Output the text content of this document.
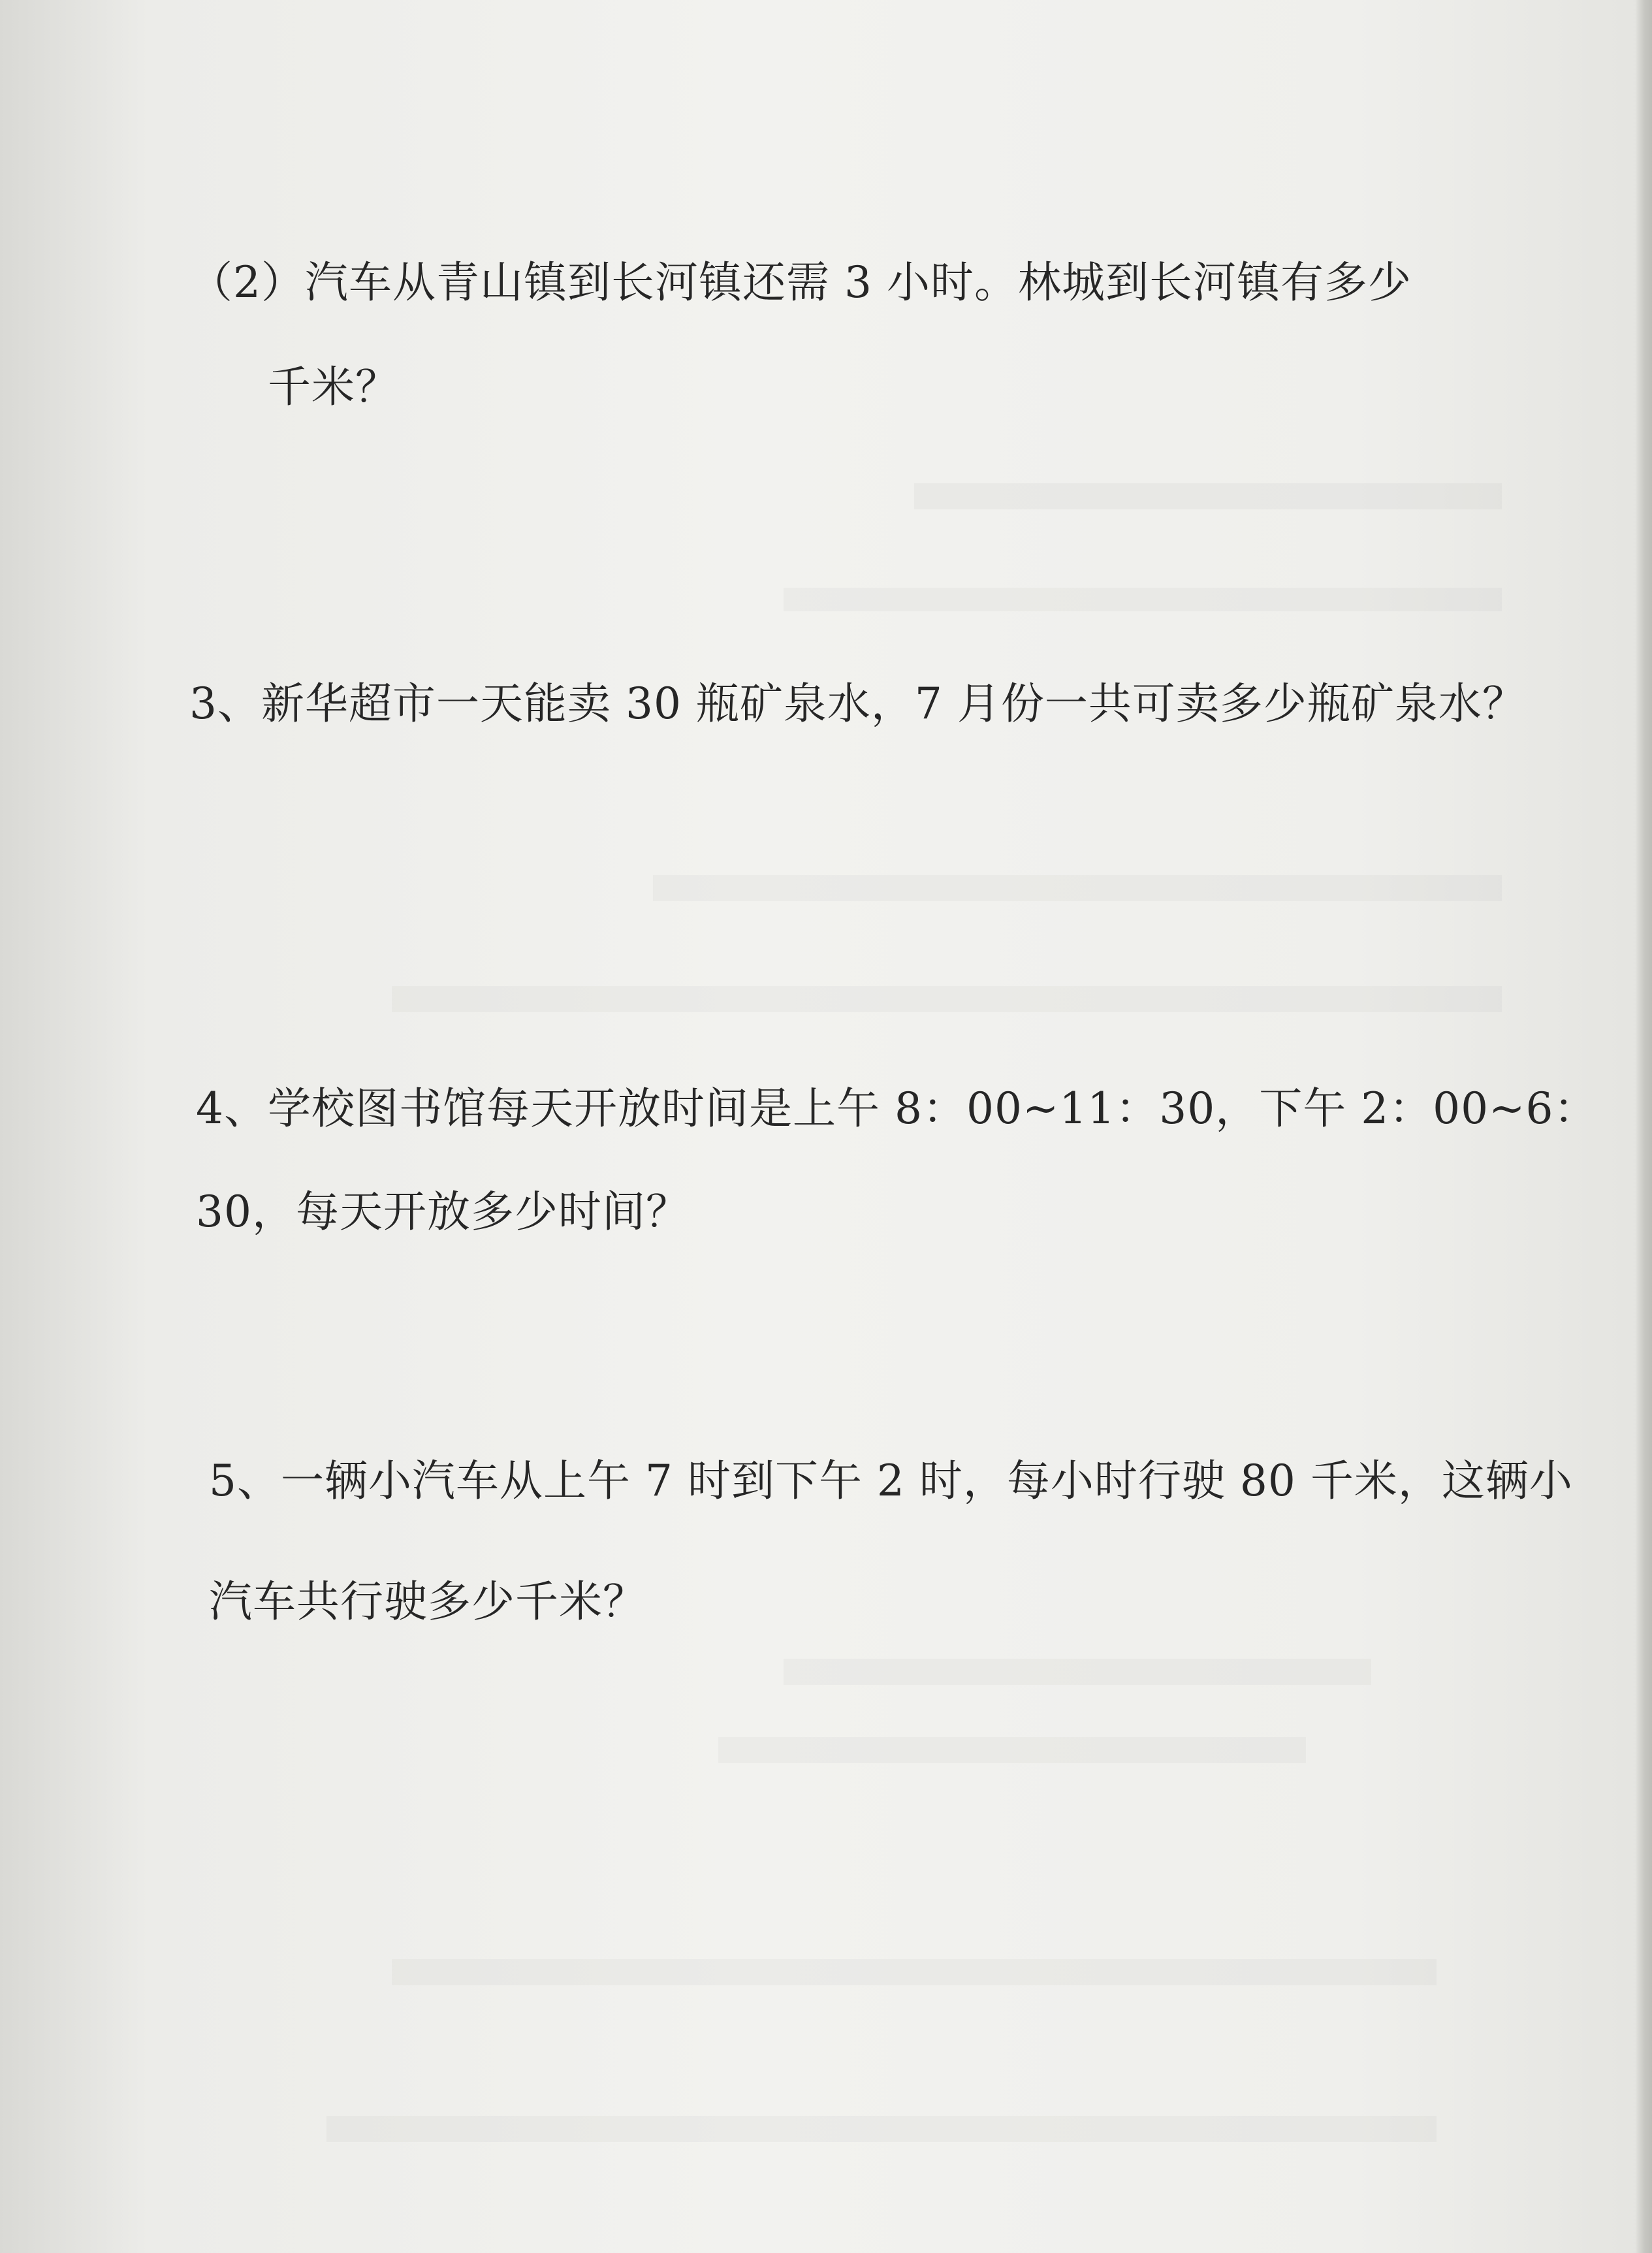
（2）汽车从青山镇到长河镇还需 3 小时。林城到长河镇有多少
千米？
3、新华超市一天能卖 30 瓶矿泉水，7 月份一共可卖多少瓶矿泉水？
4、学校图书馆每天开放时间是上午 8：00~11：30，下午 2：00~6：
30，每天开放多少时间？
5、一辆小汽车从上午 7 时到下午 2 时，每小时行驶 80 千米，这辆小
汽车共行驶多少千米？
